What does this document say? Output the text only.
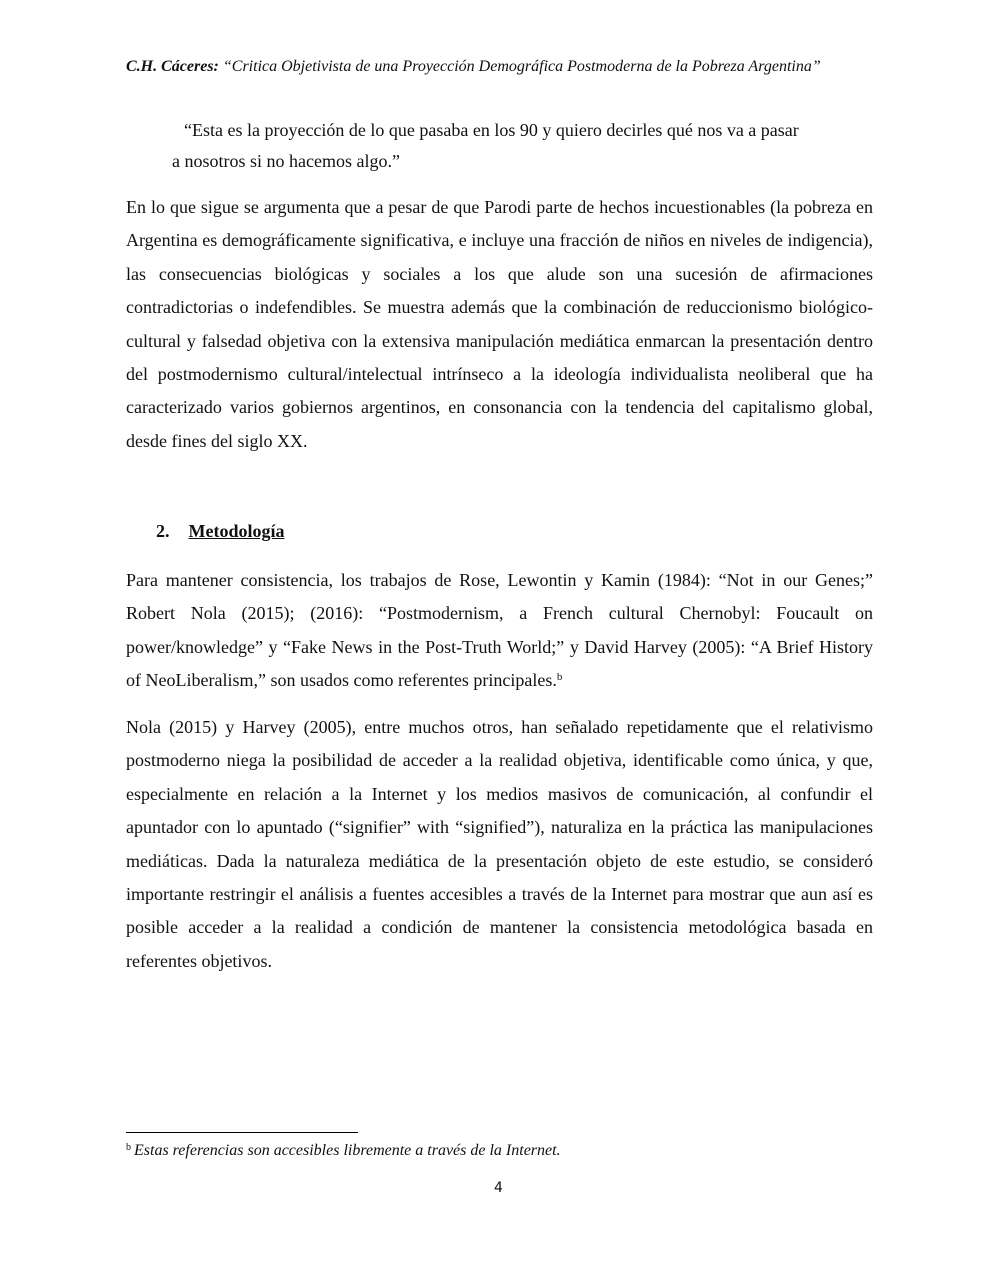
C.H. Cáceres: “Critica Objetivista de una Proyección Demográfica Postmoderna de la Pobreza Argentina”
“Esta es la proyección de lo que pasaba en los 90 y quiero decirles qué nos va a pasar
a nosotros si no hacemos algo.”

En lo que sigue se argumenta que a pesar de que Parodi parte de hechos incuestionables (la pobreza en Argentina es demográficamente significativa, e incluye una fracción de niños en niveles de indigencia), las consecuencias biológicas y sociales a los que alude son una sucesión de afirmaciones contradictorias o indefendibles. Se muestra además que la combinación de reduccionismo biológico-cultural y falsedad objetiva con la extensiva manipulación mediática enmarcan la presentación dentro del postmodernismo cultural/intelectual intrínseco a la ideología individualista neoliberal que ha caracterizado varios gobiernos argentinos, en consonancia con la tendencia del capitalismo global, desde fines del siglo XX.

2. Metodología

Para mantener consistencia, los trabajos de Rose, Lewontin y Kamin (1984): “Not in our Genes;” Robert Nola (2015); (2016): “Postmodernism, a French cultural Chernobyl: Foucault on power/knowledge” y “Fake News in the Post-Truth World;” y David Harvey (2005): “A Brief History of NeoLiberalism,” son usados como referentes principales.$^b$

Nola (2015) y Harvey (2005), entre muchos otros, han señalado repetidamente que el relativismo postmoderno niega la posibilidad de acceder a la realidad objetiva, identificable como única, y que, especialmente en relación a la Internet y los medios masivos de comunicación, al confundir el apuntador con lo apuntado (“signifier” with “signified”), naturaliza en la práctica las manipulaciones mediáticas. Dada la naturaleza mediática de la presentación objeto de este estudio, se consideró importante restringir el análisis a fuentes accesibles a través de la Internet para mostrar que aun así es posible acceder a la realidad a condición de mantener la consistencia metodológica basada en referentes objetivos.

$^b$ Estas referencias son accesibles libremente a través de la Internet.
4
